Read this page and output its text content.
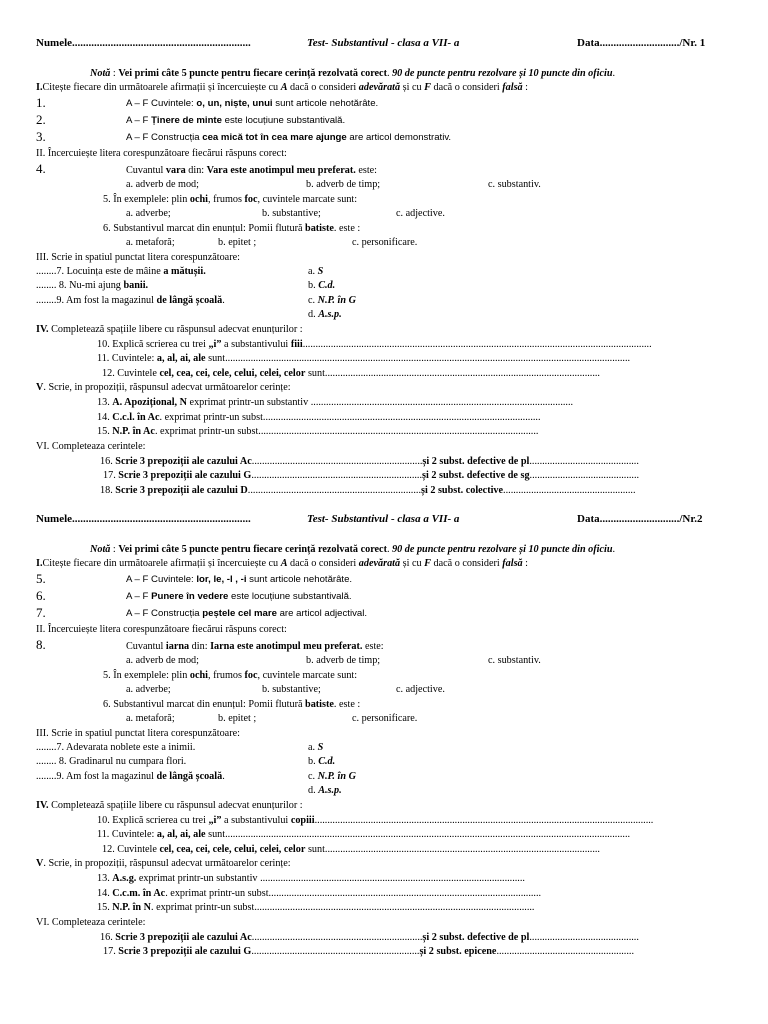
Numele.................................................................	Test- Substantivul - clasa a VII- a	Data............................./Nr. 1
Notă : Vei primi câte 5 puncte pentru fiecare cerință rezolvată corect. 90 de puncte pentru rezolvare și 10 puncte din oficiu.
I.Citește fiecare din următoarele afirmații și încercuiește cu A dacă o consideri adevărată și cu F dacă o consideri falsă :
1.	A – F Cuvintele: o, un, niște, unui sunt articole nehotărâte.
2.	A – F Ținere de minte este locuțiune substantivală.
3.	A – F Construcția cea mică tot în cea mare ajunge are articol demonstrativ.
II. Încercuiește litera corespunzătoare fiecărui răspuns corect:
4.	Cuvantul vara din: Vara este anotimpul meu preferat. este:
a. adverb de mod;	b. adverb de timp;	c. substantiv.
5. În exemplele: plin ochi, frumos foc, cuvintele marcate sunt:
a. adverbe;	b. substantive;	c. adjective.
6. Substantivul marcat din enunțul: Pomii flutură batiste. este :
a. metaforă;	b. epitet ;	c. personificare.
III. Scrie in spatiul punctat litera corespunzătoare:
........7. Locuința este de mâine a mătușii.	a. S
........ 8. Nu-mi ajung banii.	b. C.d.
........9. Am fost la magazinul de lângă școală.	c. N.P. în G
d. A.s.p.
IV. Completează spațiile libere cu răspunsul adecvat enunțurilor :
10. Explică scrierea cu trei „i” a substantivului fiii.........................................................................................................................................
11. Cuvintele: a, al, ai, ale sunt...............................................................................................................................................................
12. Cuvintele cel, cea, cei, cele, celui, celei, celor sunt............................................................................................................
V. Scrie, in propoziții, răspunsul adecvat următoarelor cerințe:
13. A. Apozițional, N exprimat printr-un substantiv .......................................................................................................
14. C.c.l. în Ac. exprimat printr-un subst.............................................................................................................
15. N.P. în Ac. exprimat printr-un subst..............................................................................................................
VI. Completeaza cerintele:
16. Scrie 3 prepoziții ale cazului Ac...................................................................și 2 subst. defective de pl...........................................
17. Scrie 3 prepoziții ale cazului G...................................................................și 2 subst. defective de sg...........................................
18. Scrie 3 prepoziții ale cazului D....................................................................și 2 subst. colective....................................................
Numele.................................................................	Test- Substantivul - clasa a VII- a	Data............................./Nr.2
Notă : Vei primi câte 5 puncte pentru fiecare cerință rezolvată corect. 90 de puncte pentru rezolvare și 10 puncte din oficiu.
I.Citește fiecare din următoarele afirmații și încercuiește cu A dacă o consideri adevărată și cu F dacă o consideri falsă :
5.	A – F Cuvintele: lor, le, -l , -i sunt articole nehotărâte.
6.	A – F Punere în vedere este locuțiune substantivală.
7.	A – F Construcția peștele cel mare are articol adjectival.
II. Încercuiește litera corespunzătoare fiecărui răspuns corect:
8.	Cuvantul iarna din: Iarna este anotimpul meu preferat. este:
a. adverb de mod;	b. adverb de timp;	c. substantiv.
5. În exemplele: plin ochi, frumos foc, cuvintele marcate sunt:
a. adverbe;	b. substantive;	c. adjective.
6. Substantivul marcat din enunțul: Pomii flutură batiste. este :
a. metaforă;	b. epitet ;	c. personificare.
III. Scrie in spatiul punctat litera corespunzătoare:
........7. Adevarata noblete este a inimii.	a. S
........ 8. Gradinarul nu cumpara flori.	b. C.d.
........9. Am fost la magazinul de lângă școală.	c. N.P. în G
d. A.s.p.
IV. Completează spațiile libere cu răspunsul adecvat enunțurilor :
10. Explică scrierea cu trei „i” a substantivului copiii.....................................................................................................................................
11. Cuvintele: a, al, ai, ale sunt...............................................................................................................................................................
12. Cuvintele cel, cea, cei, cele, celui, celei, celor sunt............................................................................................................
V. Scrie, in propoziții, răspunsul adecvat următoarelor cerințe:
13. A.s.g. exprimat printr-un substantiv ........................................................................................................
14. C.c.m. în Ac. exprimat printr-un subst...........................................................................................................
15. N.P. în N. exprimat printr-un subst..............................................................................................................
VI. Completeaza cerintele:
16. Scrie 3 prepoziții ale cazului Ac...................................................................și 2 subst. defective de pl...........................................
17. Scrie 3 prepoziții ale cazului G..................................................................și 2 subst. epicene......................................................
